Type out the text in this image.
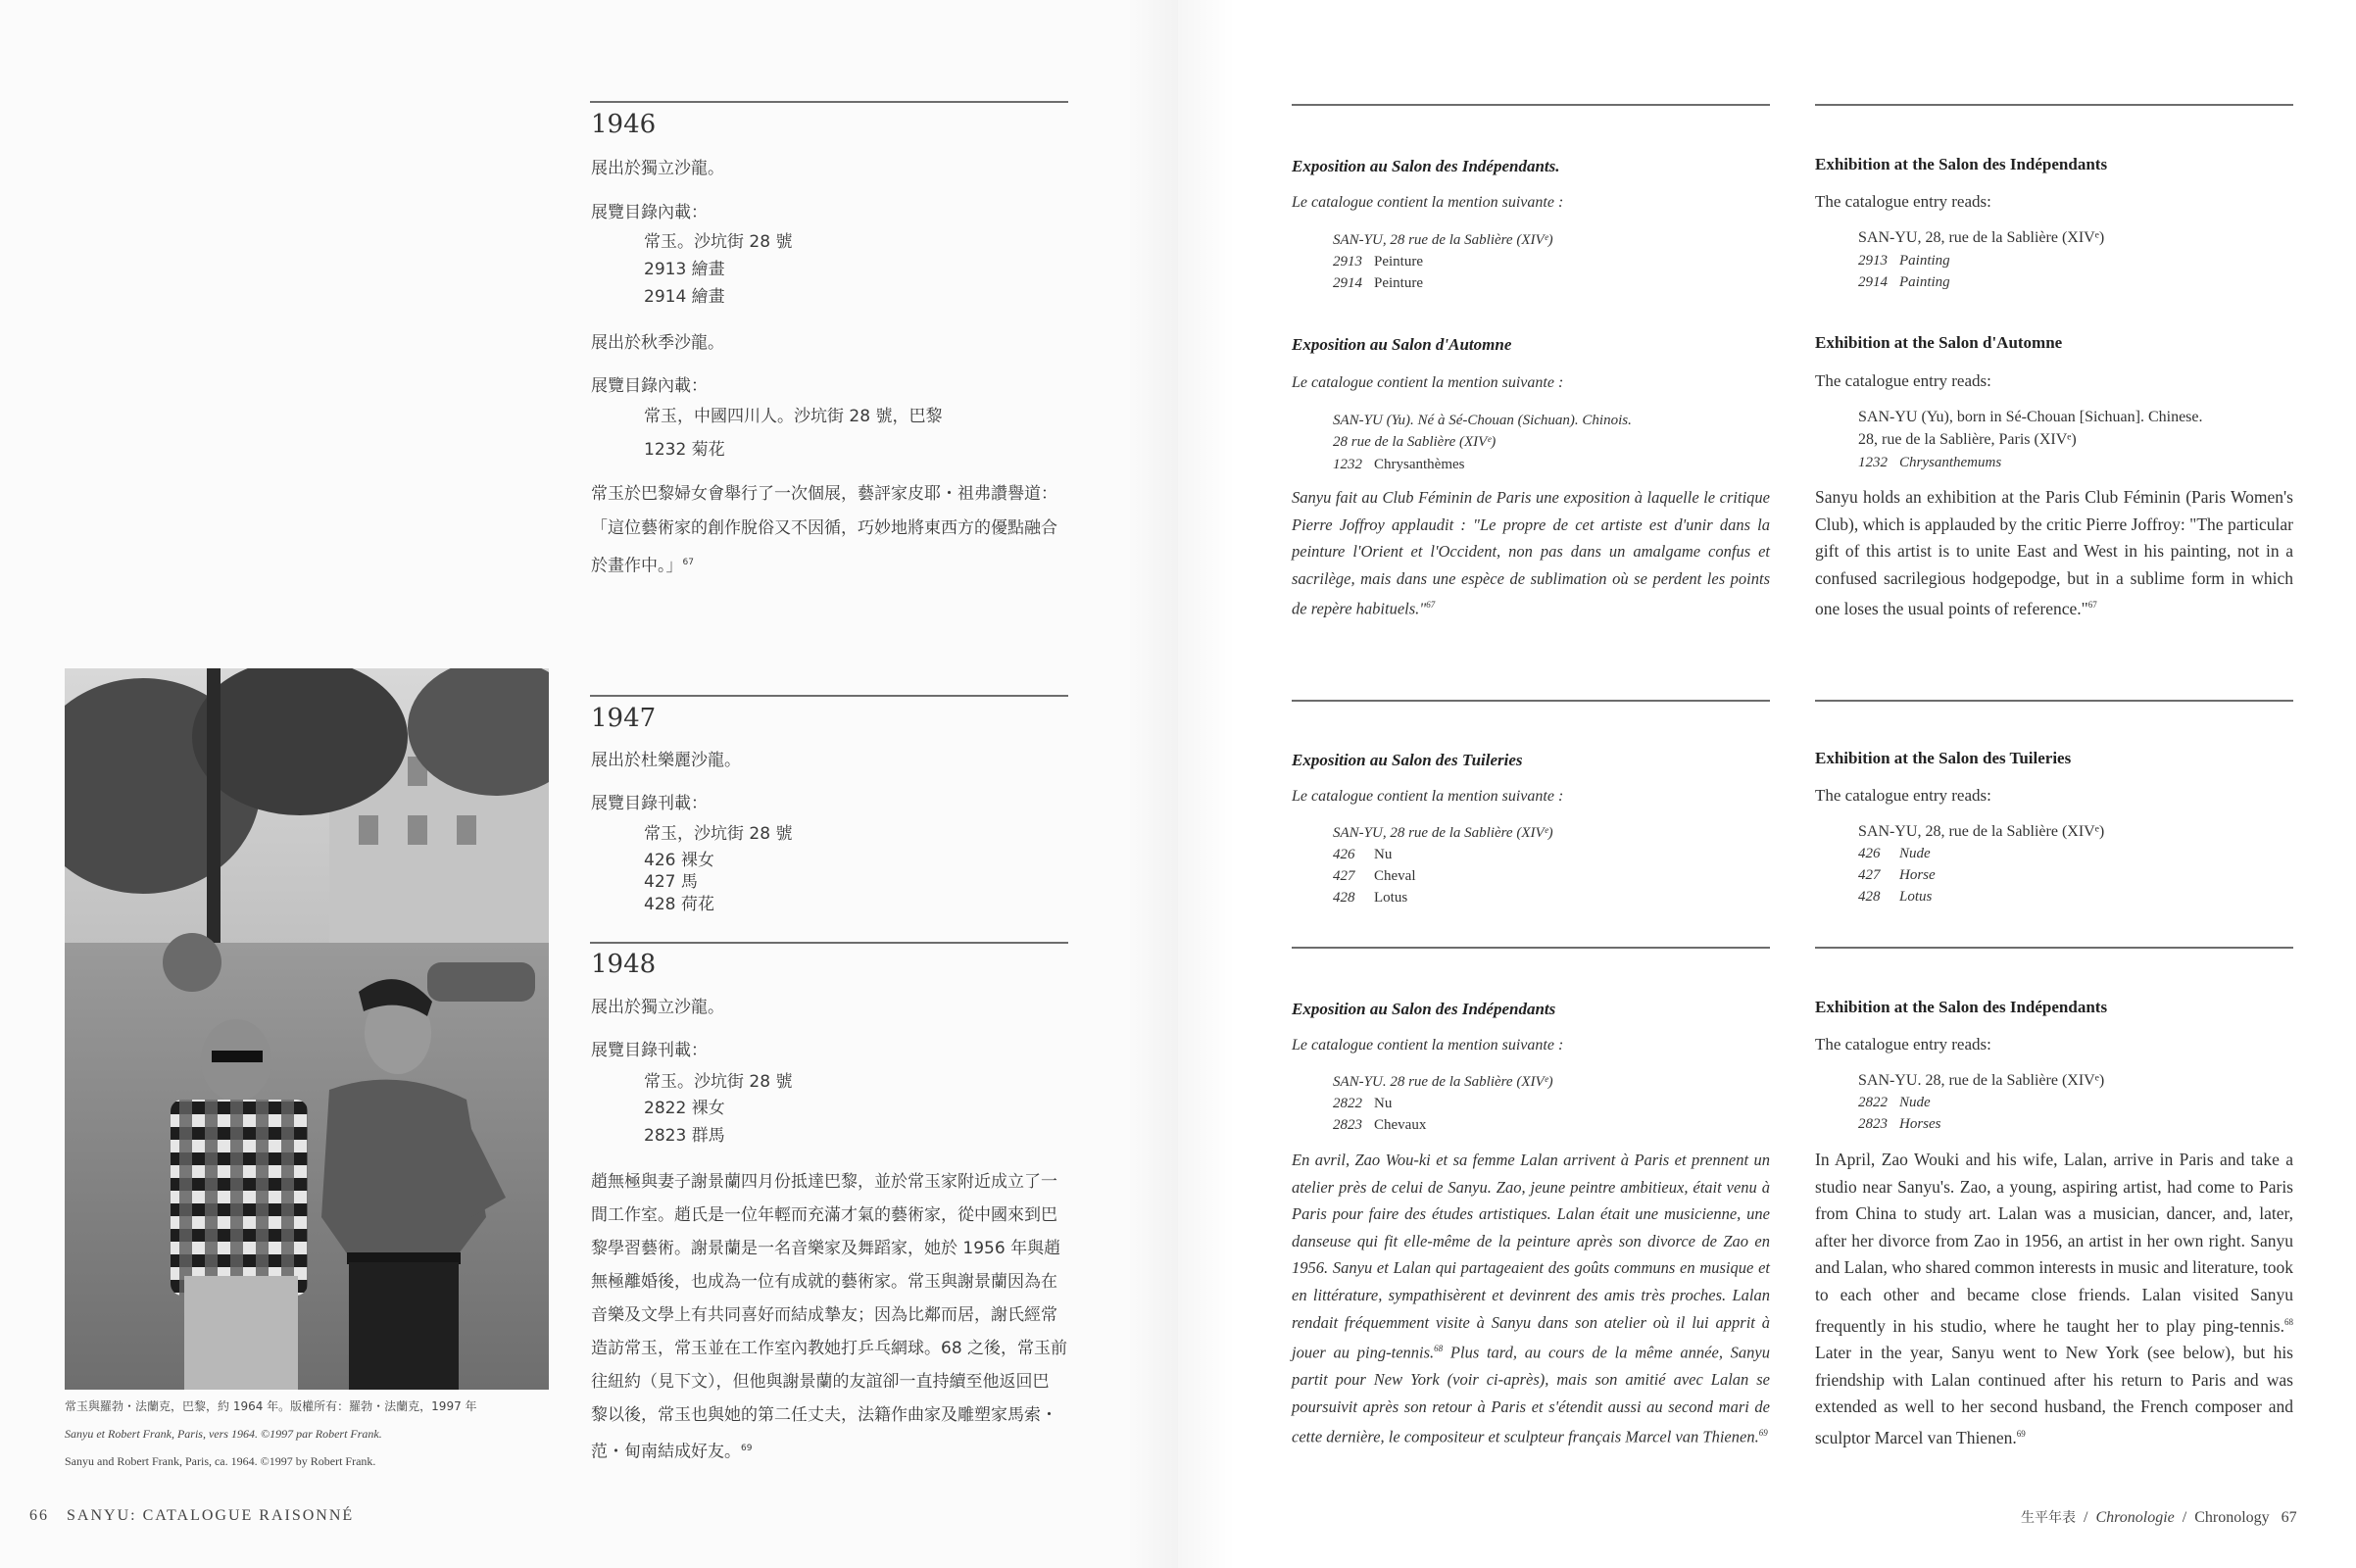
1946
展出於獨立沙龍。
展覽目錄內載：
常玉。沙坑街 28 號
2913 繪畫
2914 繪畫
展出於秋季沙龍。
展覽目錄內載：
常玉，中國四川人。沙坑街 28 號，巴黎
1232 菊花
常玉於巴黎婦女會舉行了一次個展，藝評家皮耶・祖弗讚譽道：
「這位藝術家的創作脫俗又不因循，巧妙地將東西方的優點融合
於畫作中。」$^{67}$
1947
展出於杜樂麗沙龍。
展覽目錄刊載：
常玉，沙坑街 28 號
426 裸女
427 馬
428 荷花
1948
展出於獨立沙龍。
展覽目錄刊載：
常玉。沙坑街 28 號
2822 裸女
2823 群馬
趙無極與妻子謝景蘭四月份抵達巴黎，並於常玉家附近成立了一
間工作室。趙氏是一位年輕而充滿才氣的藝術家，從中國來到巴
黎學習藝術。謝景蘭是一名音樂家及舞蹈家，她於 1956 年與趙
無極離婚後，也成為一位有成就的藝術家。常玉與謝景蘭因為在
音樂及文學上有共同喜好而結成摯友；因為比鄰而居，謝氏經常
造訪常玉，常玉並在工作室內教她打乒乓網球。68 之後，常玉前
往紐約（見下文），但他與謝景蘭的友誼卻一直持續至他返回巴
黎以後，常玉也與她的第二任丈夫，法籍作曲家及雕塑家馬索・
范・甸南結成好友。$^{69}$
常玉與羅勃・法蘭克，巴黎，約 1964 年。版權所有：羅勃・法蘭克，1997 年
Sanyu et Robert Frank, Paris, vers 1964. ©1997 par Robert Frank.
Sanyu and Robert Frank, Paris, ca. 1964. ©1997 by Robert Frank.
66 SANYU: CATALOGUE RAISONNÉ
Exposition au Salon des Indépendants.
Le catalogue contient la mention suivante :
SAN-YU, 28 rue de la Sablière (XIVᵉ)
2913 Peinture
2914 Peinture
Exhibition at the Salon des Indépendants
The catalogue entry reads:
SAN-YU, 28, rue de la Sablière (XIVᵉ)
2913 Painting
2914 Painting
Exposition au Salon d'Automne
Le catalogue contient la mention suivante :
SAN-YU (Yu). Né à Sé-Chouan (Sichuan). Chinois.
28 rue de la Sablière (XIVᵉ)
1232 Chrysanthèmes
Exhibition at the Salon d'Automne
The catalogue entry reads:
SAN-YU (Yu), born in Sé-Chouan [Sichuan]. Chinese.
28, rue de la Sablière, Paris (XIVᵉ)
1232 Chrysanthemums
Sanyu fait au Club Féminin de Paris une exposition à laquelle le critique Pierre Joffroy applaudit : "Le propre de cet artiste est d'unir dans la peinture l'Orient et l'Occident, non pas dans un amalgame confus et sacrilège, mais dans une espèce de sublimation où se perdent les points de repère habituels."$^{67}$
Sanyu holds an exhibition at the Paris Club Féminin (Paris Women's Club), which is applauded by the critic Pierre Joffroy: "The particular gift of this artist is to unite East and West in his painting, not in a confused sacrilegious hodgepodge, but in a sublime form in which one loses the usual points of reference."$^{67}$
Exposition au Salon des Tuileries
Le catalogue contient la mention suivante :
SAN-YU, 28 rue de la Sablière (XIVᵉ)
426 Nu
427 Cheval
428 Lotus
Exhibition at the Salon des Tuileries
The catalogue entry reads:
SAN-YU, 28, rue de la Sablière (XIVᵉ)
426 Nude
427 Horse
428 Lotus
Exposition au Salon des Indépendants
Le catalogue contient la mention suivante :
SAN-YU. 28 rue de la Sablière (XIVᵉ)
2822 Nu
2823 Chevaux
Exhibition at the Salon des Indépendants
The catalogue entry reads:
SAN-YU. 28, rue de la Sablière (XIVᵉ)
2822 Nude
2823 Horses
En avril, Zao Wou-ki et sa femme Lalan arrivent à Paris et prennent un atelier près de celui de Sanyu. Zao, jeune peintre ambitieux, était venu à Paris pour faire des études artistiques. Lalan était une musicienne, une danseuse qui fit elle-même de la peinture après son divorce de Zao en 1956. Sanyu et Lalan qui partageaient des goûts communs en musique et en littérature, sympathisèrent et devinrent des amis très proches. Lalan rendait fréquemment visite à Sanyu dans son atelier où il lui apprit à jouer au ping-tennis.$^{68}$ Plus tard, au cours de la même année, Sanyu partit pour New York (voir ci-après), mais son amitié avec Lalan se poursuivit après son retour à Paris et s'étendit aussi au second mari de cette dernière, le compositeur et sculpteur français Marcel van Thienen.$^{69}$
In April, Zao Wouki and his wife, Lalan, arrive in Paris and take a studio near Sanyu's. Zao, a young, aspiring artist, had come to Paris from China to study art. Lalan was a musician, dancer, and, later, after her divorce from Zao in 1956, an artist in her own right. Sanyu and Lalan, who shared common interests in music and literature, took to each other and became close friends. Lalan visited Sanyu frequently in his studio, where he taught her to play ping-tennis.$^{68}$ Later in the year, Sanyu went to New York (see below), but his friendship with Lalan continued after his return to Paris and was extended as well to her second husband, the French composer and sculptor Marcel van Thienen.$^{69}$
生平年表 / Chronologie / Chronology 67
